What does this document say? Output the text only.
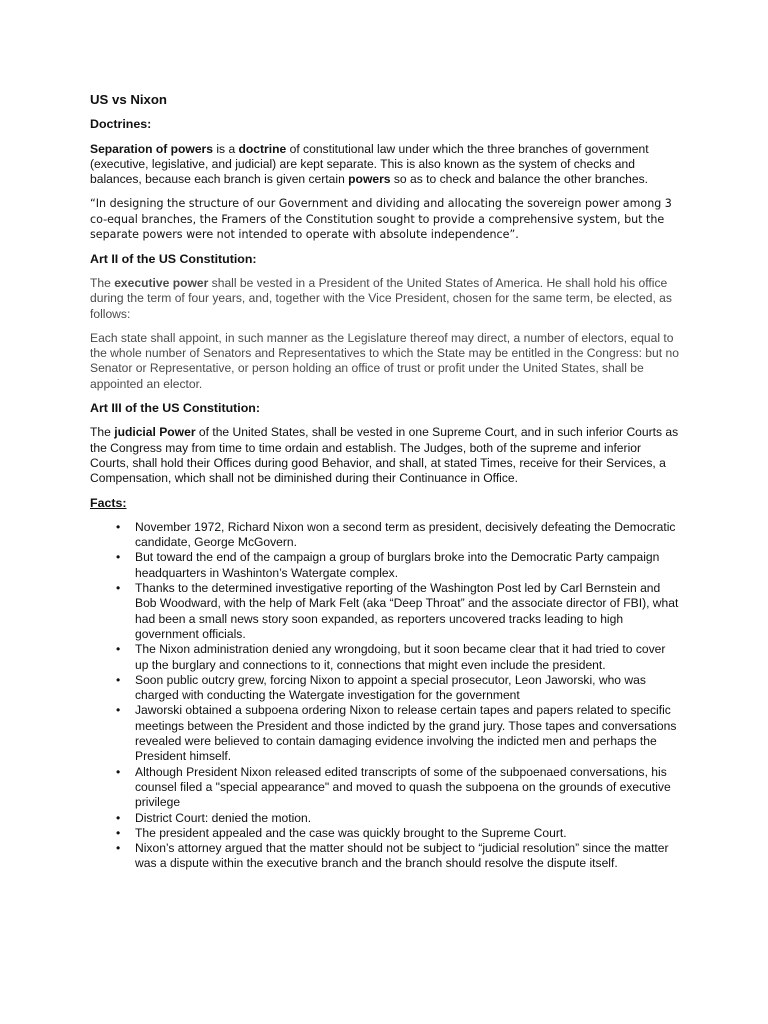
US vs Nixon
Doctrines:

Separation of powers is a doctrine of constitutional law under which the three branches of government (executive, legislative, and judicial) are kept separate. This is also known as the system of checks and balances, because each branch is given certain powers so as to check and balance the other branches.

“In designing the structure of our Government and dividing and allocating the sovereign power among 3 co-equal branches, the Framers of the Constitution sought to provide a comprehensive system, but the separate powers were not intended to operate with absolute independence”.

Art II of the US Constitution:

The executive power shall be vested in a President of the United States of America. He shall hold his office during the term of four years, and, together with the Vice President, chosen for the same term, be elected, as follows:

Each state shall appoint, in such manner as the Legislature thereof may direct, a number of electors, equal to the whole number of Senators and Representatives to which the State may be entitled in the Congress: but no Senator or Representative, or person holding an office of trust or profit under the United States, shall be appointed an elector.

Art III of the US Constitution:

The judicial Power of the United States, shall be vested in one Supreme Court, and in such inferior Courts as the Congress may from time to time ordain and establish. The Judges, both of the supreme and inferior Courts, shall hold their Offices during good Behavior, and shall, at stated Times, receive for their Services, a Compensation, which shall not be diminished during their Continuance in Office.

Facts:
• November 1972, Richard Nixon won a second term as president, decisively defeating the Democratic candidate, George McGovern.
• But toward the end of the campaign a group of burglars broke into the Democratic Party campaign headquarters in Washinton’s Watergate complex.
• Thanks to the determined investigative reporting of the Washington Post led by Carl Bernstein and Bob Woodward, with the help of Mark Felt (aka “Deep Throat” and the associate director of FBI), what had been a small news story soon expanded, as reporters uncovered tracks leading to high government officials.
• The Nixon administration denied any wrongdoing, but it soon became clear that it had tried to cover up the burglary and connections to it, connections that might even include the president.
• Soon public outcry grew, forcing Nixon to appoint a special prosecutor, Leon Jaworski, who was charged with conducting the Watergate investigation for the government
• Jaworski obtained a subpoena ordering Nixon to release certain tapes and papers related to specific meetings between the President and those indicted by the grand jury. Those tapes and conversations revealed were believed to contain damaging evidence involving the indicted men and perhaps the President himself.
• Although President Nixon released edited transcripts of some of the subpoenaed conversations, his counsel filed a "special appearance" and moved to quash the subpoena on the grounds of executive privilege
• District Court: denied the motion.
• The president appealed and the case was quickly brought to the Supreme Court.
• Nixon’s attorney argued that the matter should not be subject to “judicial resolution” since the matter was a dispute within the executive branch and the branch should resolve the dispute itself.
